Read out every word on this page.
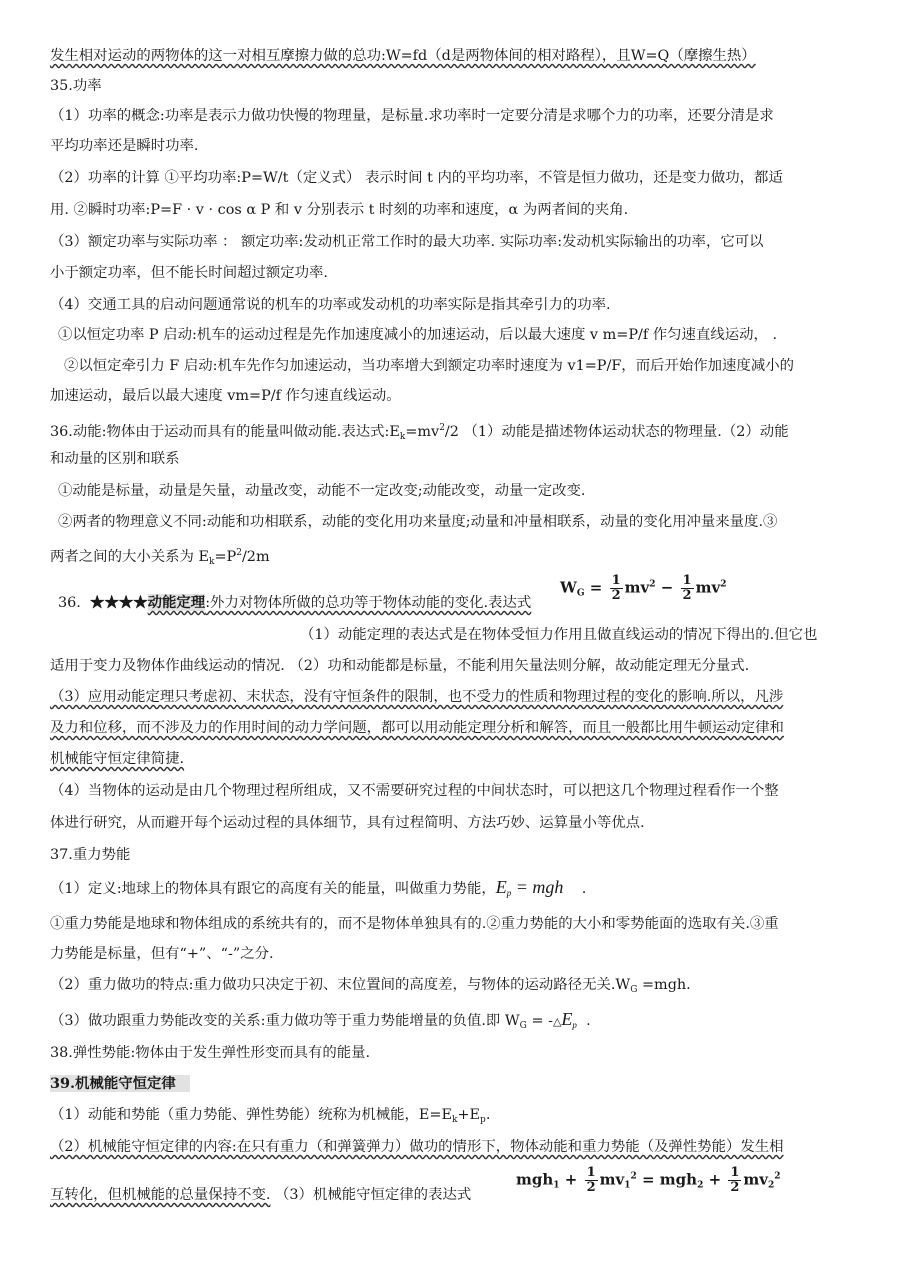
发生相对运动的两物体的这一对相互摩擦力做的总功:W=fd（d是两物体间的相对路程），且W=Q（摩擦生热）
35.功率
（1）功率的概念:功率是表示力做功快慢的物理量，是标量.求功率时一定要分清是求哪个力的功率，还要分清是求
平均功率还是瞬时功率.
（2）功率的计算 ①平均功率:P=W/t（定义式） 表示时间 t 内的平均功率，不管是恒力做功，还是变力做功，都适
用. ②瞬时功率:P=F · v · cos α P 和 v 分别表示 t 时刻的功率和速度，α 为两者间的夹角.
（3）额定功率与实际功率 ： 额定功率:发动机正常工作时的最大功率. 实际功率:发动机实际输出的功率，它可以
小于额定功率，但不能长时间超过额定功率.
（4）交通工具的启动问题通常说的机车的功率或发动机的功率实际是指其牵引力的功率.
①以恒定功率 P 启动:机车的运动过程是先作加速度减小的加速运动，后以最大速度 v m=P/f 作匀速直线运动， .
②以恒定牵引力 F 启动:机车先作匀加速运动，当功率增大到额定功率时速度为 v1=P/F，而后开始作加速度减小的
加速运动，最后以最大速度 vm=P/f 作匀速直线运动。
36.动能:物体由于运动而具有的能量叫做动能.表达式$:E_k=mv^2/2$ （1）动能是描述物体运动状态的物理量.（2）动能
和动量的区别和联系
①动能是标量，动量是矢量，动量改变，动能不一定改变;动能改变，动量一定改变.
②两者的物理意义不同:动能和功相联系，动能的变化用功来量度;动量和冲量相联系，动量的变化用冲量来量度.③
两者之间的大小关系为 $E_k=P^2/2m$
36. ★★★★动能定理:外力对物体所做的总功等于物体动能的变化.表达式
$W_G = \frac{1}{2} mv^2 - \frac{1}{2} mv^2$
（1）动能定理的表达式是在物体受恒力作用且做直线运动的情况下得出的.但它也
适用于变力及物体作曲线运动的情况. （2）功和动能都是标量，不能利用矢量法则分解，故动能定理无分量式.
（3）应用动能定理只考虑初、末状态，没有守恒条件的限制，也不受力的性质和物理过程的变化的影响.所以，凡涉
及力和位移，而不涉及力的作用时间的动力学问题，都可以用动能定理分析和解答，而且一般都比用牛顿运动定律和
机械能守恒定律简捷.
（4）当物体的运动是由几个物理过程所组成，又不需要研究过程的中间状态时，可以把这几个物理过程看作一个整
体进行研究，从而避开每个运动过程的具体细节，具有过程简明、方法巧妙、运算量小等优点.
37.重力势能
（1）定义:地球上的物体具有跟它的高度有关的能量，叫做重力势能，$E_p$ = mgh .
①重力势能是地球和物体组成的系统共有的，而不是物体单独具有的.②重力势能的大小和零势能面的选取有关.③重
力势能是标量，但有“+”、“-”之分.
（2）重力做功的特点:重力做功只决定于初、末位置间的高度差，与物体的运动路径无关$.W_G =mgh$.
（3）做功跟重力势能改变的关系:重力做功等于重力势能增量的负值.即 $W_G$ = $-\triangle E_p$ .
38.弹性势能:物体由于发生弹性形变而具有的能量.
39.机械能守恒定律
（1）动能和势能（重力势能、弹性势能）统称为机械能，$E=E_k+E_p$.
（2）机械能守恒定律的内容:在只有重力（和弹簧弹力）做功的情形下，物体动能和重力势能（及弹性势能）发生相
互转化，但机械能的总量保持不变. （3）机械能守恒定律的表达式
$mgh_1 + \frac{1}{2} mv_1^2 = mgh_2 + \frac{1}{2} mv_2^2$
